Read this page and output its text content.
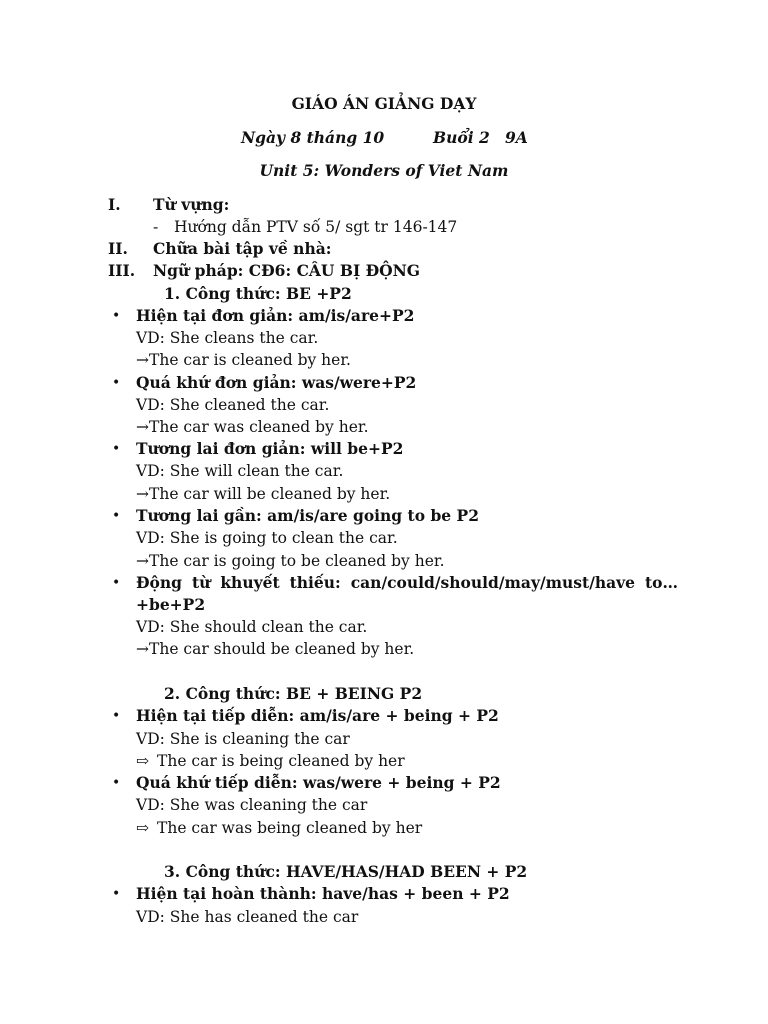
GIÁO ÁN GIẢNG DẠY
Ngày 8 tháng 10	Buổi 2 9A
Unit 5: Wonders of Viet Nam
I. Từ vựng:
- Hướng dẫn PTV số 5/ sgt tr 146-147
II. Chữa bài tập về nhà:
III. Ngữ pháp: CĐ6: CÂU BỊ ĐỘNG
1. Công thức: BE +P2
• Hiện tại đơn giản: am/is/are+P2
VD: She cleans the car.
→The car is cleaned by her.
• Quá khứ đơn giản: was/were+P2
VD: She cleaned the car.
→The car was cleaned by her.
• Tương lai đơn giản: will be+P2
VD: She will clean the car.
→The car will be cleaned by her.
• Tương lai gần: am/is/are going to be P2
VD: She is going to clean the car.
→The car is going to be cleaned by her.
• Động từ khuyết thiếu: can/could/should/may/must/have to…
+be+P2
VD: She should clean the car.
→The car should be cleaned by her.
2. Công thức: BE + BEING P2
• Hiện tại tiếp diễn: am/is/are + being + P2
VD: She is cleaning the car
⇨ The car is being cleaned by her
• Quá khứ tiếp diễn: was/were + being + P2
VD: She was cleaning the car
⇨ The car was being cleaned by her
3. Công thức: HAVE/HAS/HAD BEEN + P2
• Hiện tại hoàn thành: have/has + been + P2
VD: She has cleaned the car
